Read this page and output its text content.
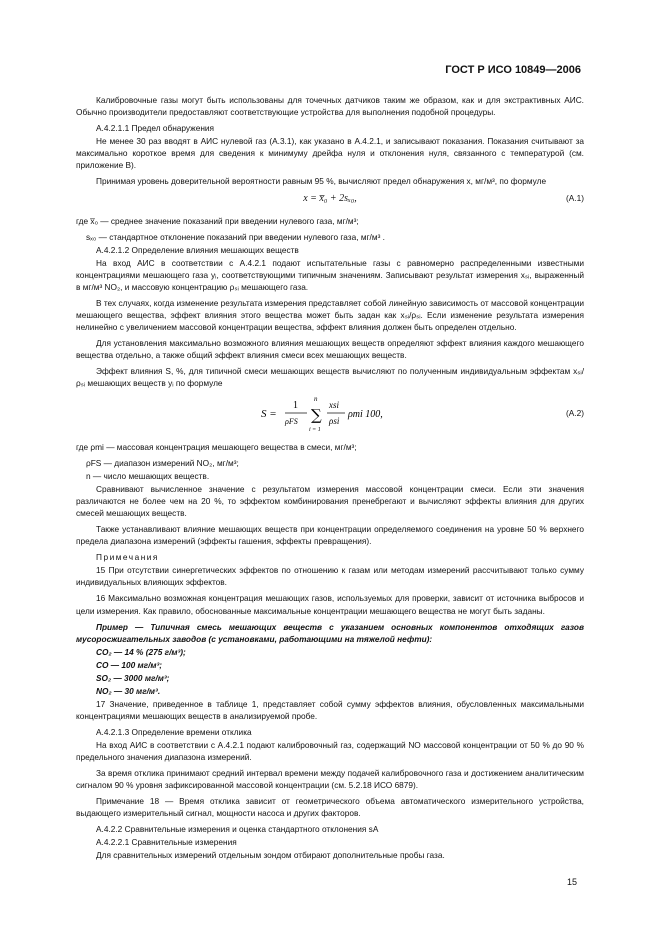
ГОСТ Р ИСО 10849—2006

Калибровочные газы могут быть использованы для точечных датчиков таким же образом, как и для экстрактивных АИС. Обычно производители предоставляют соответствующие устройства для выполнения подобной процедуры.

А.4.2.1.1 Предел обнаружения

Не менее 30 раз вводят в АИС нулевой газ (А.3.1), как указано в А.4.2.1, и записывают показания. Показания считывают за максимально короткое время для сведения к минимуму дрейфа нуля и отклонения нуля, связанного с температурой (см. приложение В).

Принимая уровень доверительной вероятности равным 95 %, вычисляют предел обнаружения x, мг/м³, по формуле

x = x̅₀ + 2sₓ₀,	(А.1)

где x̅₀ — среднее значение показаний при введении нулевого газа, мг/м³;

sₓ₀ — стандартное отклонение показаний при введении нулевого газа, мг/м³ .

А.4.2.1.2 Определение влияния мешающих веществ

На вход АИС в соответствии с А.4.2.1 подают испытательные газы с равномерно распределенными известными концентрациями мешающего газа yᵢ, соответствующими типичным значениям. Записывают результат измерения xₛᵢ, выраженный в мг/м³ NO₂, и массовую концентрацию ρₛᵢ мешающего газа.

В тех случаях, когда изменение результата измерения представляет собой линейную зависимость от массовой концентрации мешающего вещества, эффект влияния этого вещества может быть задан как xₛᵢ/ρₛᵢ. Если изменение результата измерения нелинейно с увеличением массовой концентрации вещества, эффект влияния должен быть определен отдельно.

Для установления максимально возможного влияния мешающих веществ определяют эффект влияния каждого мешающего вещества отдельно, а также общий эффект влияния смеси всех мешающих веществ.

Эффект влияния S, %, для типичной смеси мешающих веществ вычисляют по полученным индивидуальным эффектам xₛᵢ/ρₛᵢ мешающих веществ yᵢ по формуле

S =
1
ρFS
n
∑
i = 1
xsi
ρsi
ρmi 100,	(А.2)

где ρmi — массовая концентрация мешающего вещества в смеси, мг/м³;

ρFS — диапазон измерений NO₂, мг/м³;

n — число мешающих веществ.

Сравнивают вычисленное значение с результатом измерения массовой концентрации смеси. Если эти значения различаются не более чем на 20 %, то эффектом комбинирования пренебрегают и вычисляют эффекты влияния для других смесей мешающих веществ.

Также устанавливают влияние мешающих веществ при концентрации определяемого соединения на уровне 50 % верхнего предела диапазона измерений (эффекты гашения, эффекты превращения).

Примечания

15 При отсутствии синергетических эффектов по отношению к газам или методам измерений рассчитывают только сумму индивидуальных влияющих эффектов.

16 Максимально возможная концентрация мешающих газов, используемых для проверки, зависит от источника выбросов и цели измерения. Как правило, обоснованные максимальные концентрации мешающего вещества не могут быть заданы.

Пример — Типичная смесь мешающих веществ с указанием основных компонентов отходящих газов мусоросжигательных заводов (с установками, работающими на тяжелой нефти):

CO₂ — 14 % (275 г/м³);

CO — 100 мг/м³;

SO₂ — 3000 мг/м³;

NO₂ — 30 мг/м³.

17 Значение, приведенное в таблице 1, представляет собой сумму эффектов влияния, обусловленных максимальными концентрациями мешающих веществ в анализируемой пробе.

А.4.2.1.3 Определение времени отклика

На вход АИС в соответствии с А.4.2.1 подают калибровочный газ, содержащий NO массовой концентрации от 50 % до 90 % предельного значения диапазона измерений.

За время отклика принимают средний интервал времени между подачей калибровочного газа и достижением аналитическим сигналом 90 % уровня зафиксированной массовой концентрации (см. 5.2.18 ИСО 6879).

Примечание 18 — Время отклика зависит от геометрического объема автоматического измерительного устройства, выдающего измерительный сигнал, мощности насоса и других факторов.

А.4.2.2 Сравнительные измерения и оценка стандартного отклонения sA

А.4.2.2.1 Сравнительные измерения

Для сравнительных измерений отдельным зондом отбирают дополнительные пробы газа.

15
